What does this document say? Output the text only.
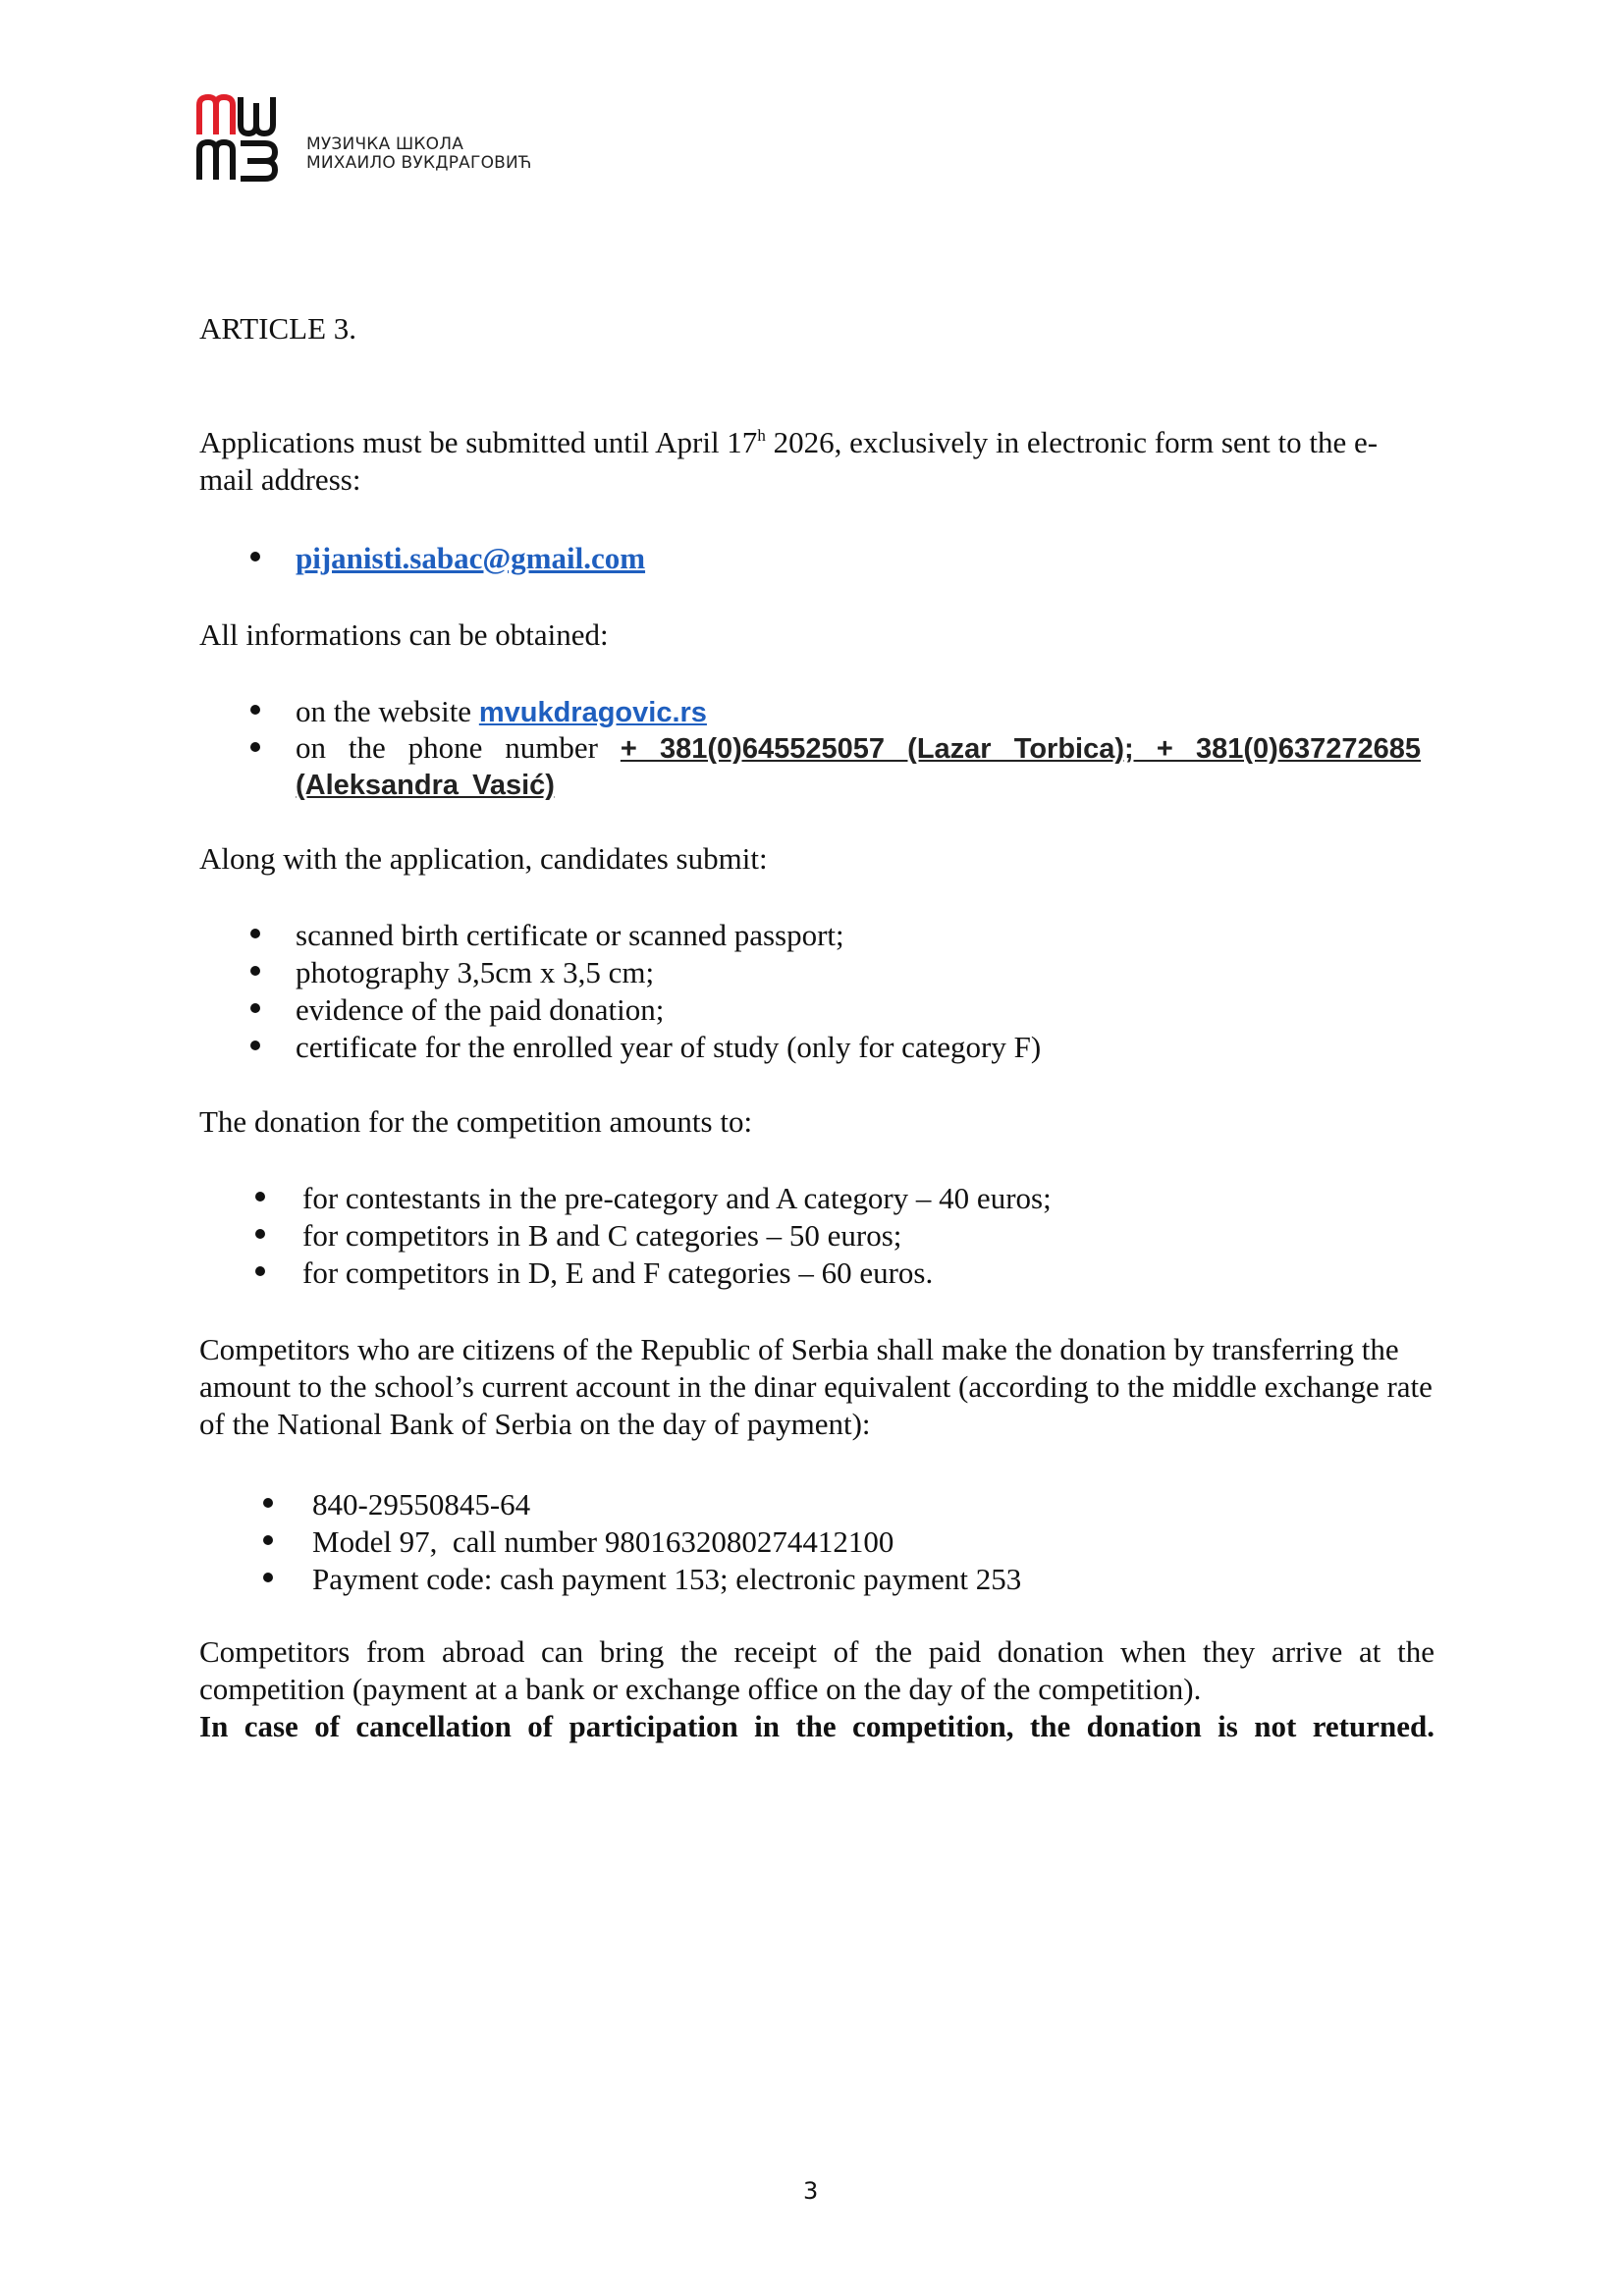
МУЗИЧКА ШКОЛА
МИХАИЛО ВУКДРАГОВИЋ

ARTICLE 3.

Applications must be submitted until April 17$^h$ 2026, exclusively in electronic form sent to the e-mail address:

pijanisti.sabac@gmail.com

All informations can be obtained:

on the website mvukdragovic.rs

on the phone number + 381(0)645525057 (Lazar Torbica); + 381(0)637272685 (Aleksandra Vasić)

Along with the application, candidates submit:

scanned birth certificate or scanned passport;

photography 3,5cm x 3,5 cm;

evidence of the paid donation;

certificate for the enrolled year of study (only for category F)

The donation for the competition amounts to:

for contestants in the pre-category and A category – 40 euros;

for competitors in B and C categories – 50 euros;

for competitors in D, E and F categories – 60 euros.

Competitors who are citizens of the Republic of Serbia shall make the donation by transferring the amount to the school’s current account in the dinar equivalent (according to the middle exchange rate of the National Bank of Serbia on the day of payment):

840-29550845-64

Model 97,  call number 9801632080274412100

Payment code: cash payment 153; electronic payment 253

Competitors from abroad can bring the receipt of the paid donation when they arrive at the competition (payment at a bank or exchange office on the day of the competition).

In case of cancellation of participation in the competition, the donation is not returned.

3
